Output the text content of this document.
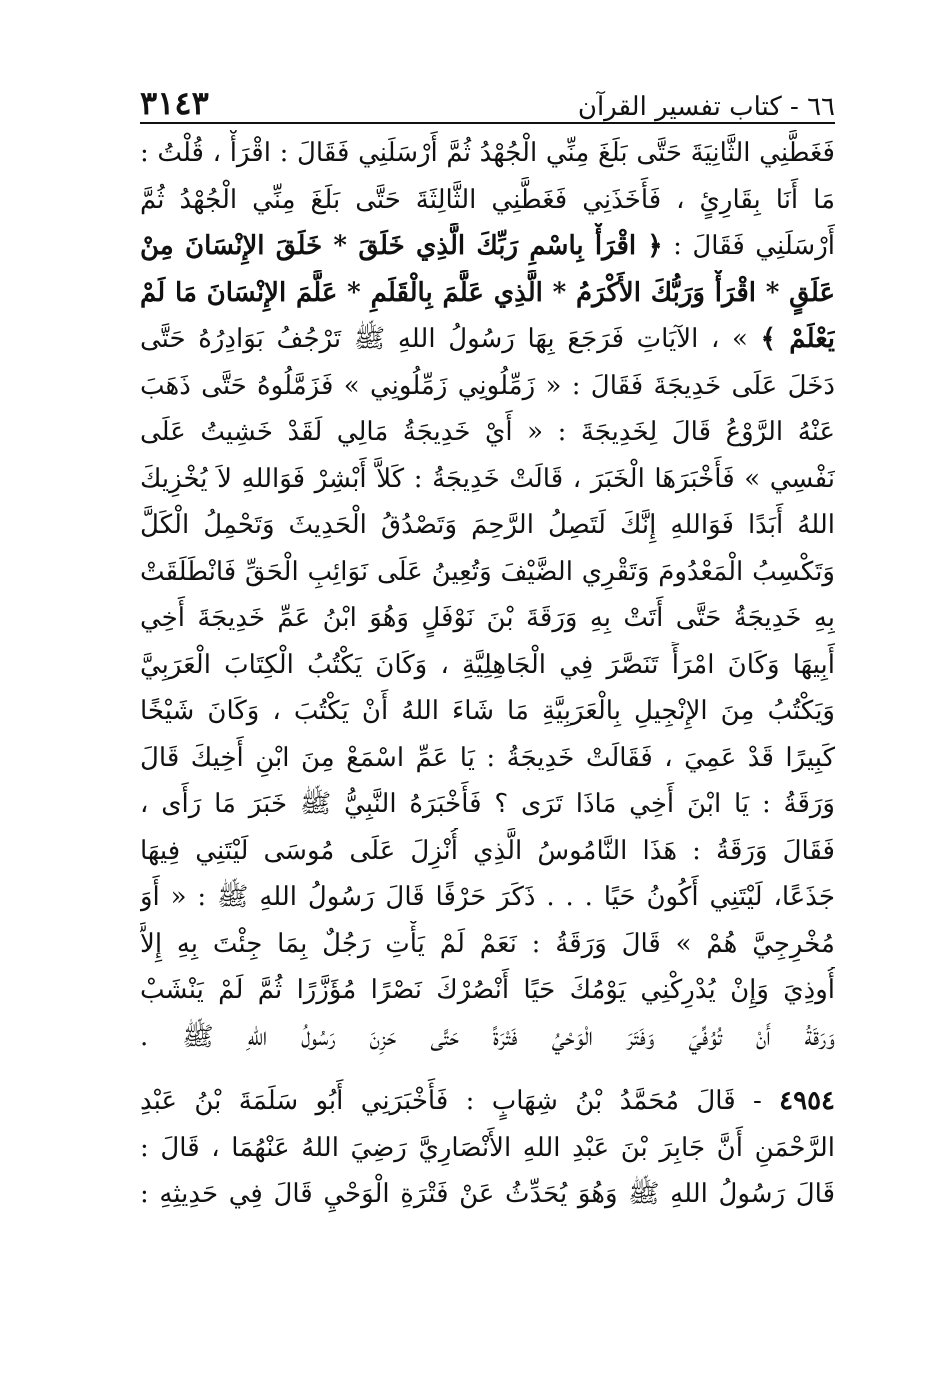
٦٦ - كتاب تفسير القرآن
٣١٤٣
فَغَطَّنِي الثَّانِيَةَ حَتَّى بَلَغَ مِنِّي الْجُهْدُ ثُمَّ أَرْسَلَنِي فَقَالَ : اقْرَأْ ، قُلْتُ :
مَا أَنَا بِقَارِئٍ ، فَأَخَذَنِي فَغَطَّنِي الثَّالِثَةَ حَتَّى بَلَغَ مِنِّي الْجُهْدُ ثُمَّ
أَرْسَلَنِي فَقَالَ : ﴿ اقْرَأْ بِاسْمِ رَبِّكَ الَّذِي خَلَقَ * خَلَقَ الإِنْسَانَ مِنْ
عَلَقٍ * اقْرَأْ وَرَبُّكَ الأَكْرَمُ * الَّذِي عَلَّمَ بِالْقَلَمِ * عَلَّمَ الإِنْسَانَ مَا لَمْ
يَعْلَمْ ﴾ » ، الآيَاتِ فَرَجَعَ بِهَا رَسُولُ اللهِ ﷺ تَرْجُفُ بَوَادِرُهُ حَتَّى
دَخَلَ عَلَى خَدِيجَةَ فَقَالَ : « زَمِّلُونِي زَمِّلُونِي » فَزَمَّلُوهُ حَتَّى ذَهَبَ
عَنْهُ الرَّوْعُ قَالَ لِخَدِيجَةَ : « أَيْ خَدِيجَةُ مَالِي لَقَدْ خَشِيتُ عَلَى
نَفْسِي » فَأَخْبَرَهَا الْخَبَرَ ، قَالَتْ خَدِيجَةُ : كَلاَّ أَبْشِرْ فَوَاللهِ لاَ يُخْزِيكَ
اللهُ أَبَدًا فَوَاللهِ إِنَّكَ لَتَصِلُ الرَّحِمَ وَتَصْدُقُ الْحَدِيثَ وَتَحْمِلُ الْكَلَّ
وَتَكْسِبُ الْمَعْدُومَ وَتَقْرِي الضَّيْفَ وَتُعِينُ عَلَى نَوَائِبِ الْحَقِّ فَانْطَلَقَتْ
بِهِ خَدِيجَةُ حَتَّى أَتَتْ بِهِ وَرَقَةَ بْنَ نَوْفَلٍ وَهُوَ ابْنُ عَمِّ خَدِيجَةَ أَخِي
أَبِيهَا وَكَانَ امْرَأً تَنَصَّرَ فِي الْجَاهِلِيَّةِ ، وَكَانَ يَكْتُبُ الْكِتَابَ الْعَرَبِيَّ
وَيَكْتُبُ مِنَ الإِنْجِيلِ بِالْعَرَبِيَّةِ مَا شَاءَ اللهُ أَنْ يَكْتُبَ ، وَكَانَ شَيْخًا
كَبِيرًا قَدْ عَمِيَ ، فَقَالَتْ خَدِيجَةُ : يَا عَمِّ اسْمَعْ مِنَ ابْنِ أَخِيكَ قَالَ
وَرَقَةُ : يَا ابْنَ أَخِي مَاذَا تَرَى ؟ فَأَخْبَرَهُ النَّبِيُّ ﷺ خَبَرَ مَا رَأَى ،
فَقَالَ وَرَقَةُ : هَذَا النَّامُوسُ الَّذِي أُنْزِلَ عَلَى مُوسَى لَيْتَنِي فِيهَا
جَذَعًا، لَيْتَنِي أَكُونُ حَيًا . . . ذَكَرَ حَرْفًا قَالَ رَسُولُ اللهِ ﷺ : « أَوَ
مُخْرِجِيَّ هُمْ » قَالَ وَرَقَةُ : نَعَمْ لَمْ يَأْتِ رَجُلٌ بِمَا جِئْتَ بِهِ إِلاَّ
أُوذِيَ وَإِنْ يُدْرِكْنِي يَوْمُكَ حَيًا أَنْصُرْكَ نَصْرًا مُؤَزَّرًا ثُمَّ لَمْ يَنْشَبْ
وَرَقَةُ أَنْ تُوُفِّيَ وَفَتَرَ الْوَحْيُ فَتْرَةً حَتَّى حَزِنَ رَسُولُ اللهِ ﷺ .
٤٩٥٤ - قَالَ مُحَمَّدُ بْنُ شِهَابٍ : فَأَخْبَرَنِي أَبُو سَلَمَةَ بْنُ عَبْدِ
الرَّحْمَنِ أَنَّ جَابِرَ بْنَ عَبْدِ اللهِ الأَنْصَارِيَّ رَضِيَ اللهُ عَنْهُمَا ، قَالَ :
قَالَ رَسُولُ اللهِ ﷺ وَهُوَ يُحَدِّثُ عَنْ فَتْرَةِ الْوَحْيِ قَالَ فِي حَدِيثِهِ :
